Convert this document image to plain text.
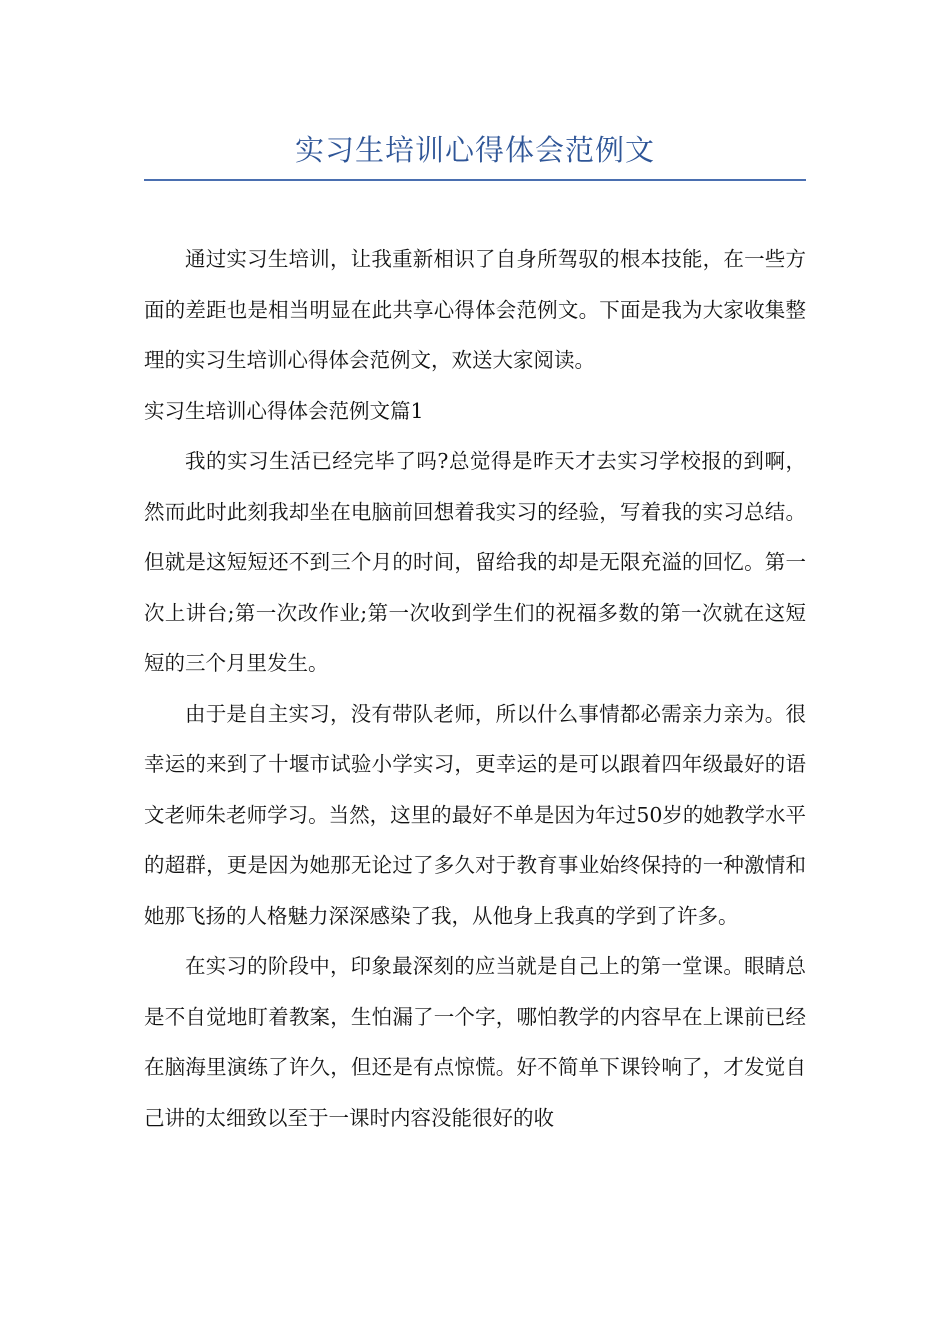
实习生培训心得体会范例文

通过实习生培训，让我重新相识了自身所驾驭的根本技能，在一些方面的差距也是相当明显在此共享心得体会范例文。下面是我为大家收集整理的实习生培训心得体会范例文，欢送大家阅读。

实习生培训心得体会范例文篇1

我的实习生活已经完毕了吗?总觉得是昨天才去实习学校报的到啊，然而此时此刻我却坐在电脑前回想着我实习的经验，写着我的实习总结。但就是这短短还不到三个月的时间，留给我的却是无限充溢的回忆。第一次上讲台;第一次改作业;第一次收到学生们的祝福多数的第一次就在这短短的三个月里发生。

由于是自主实习，没有带队老师，所以什么事情都必需亲力亲为。很幸运的来到了十堰市试验小学实习，更幸运的是可以跟着四年级最好的语文老师朱老师学习。当然，这里的最好不单是因为年过50岁的她教学水平的超群，更是因为她那无论过了多久对于教育事业始终保持的一种激情和她那飞扬的人格魅力深深感染了我，从他身上我真的学到了许多。

在实习的阶段中，印象最深刻的应当就是自己上的第一堂课。眼睛总是不自觉地盯着教案，生怕漏了一个字，哪怕教学的内容早在上课前已经在脑海里演练了许久，但还是有点惊慌。好不简单下课铃响了，才发觉自己讲的太细致以至于一课时内容没能很好的收
